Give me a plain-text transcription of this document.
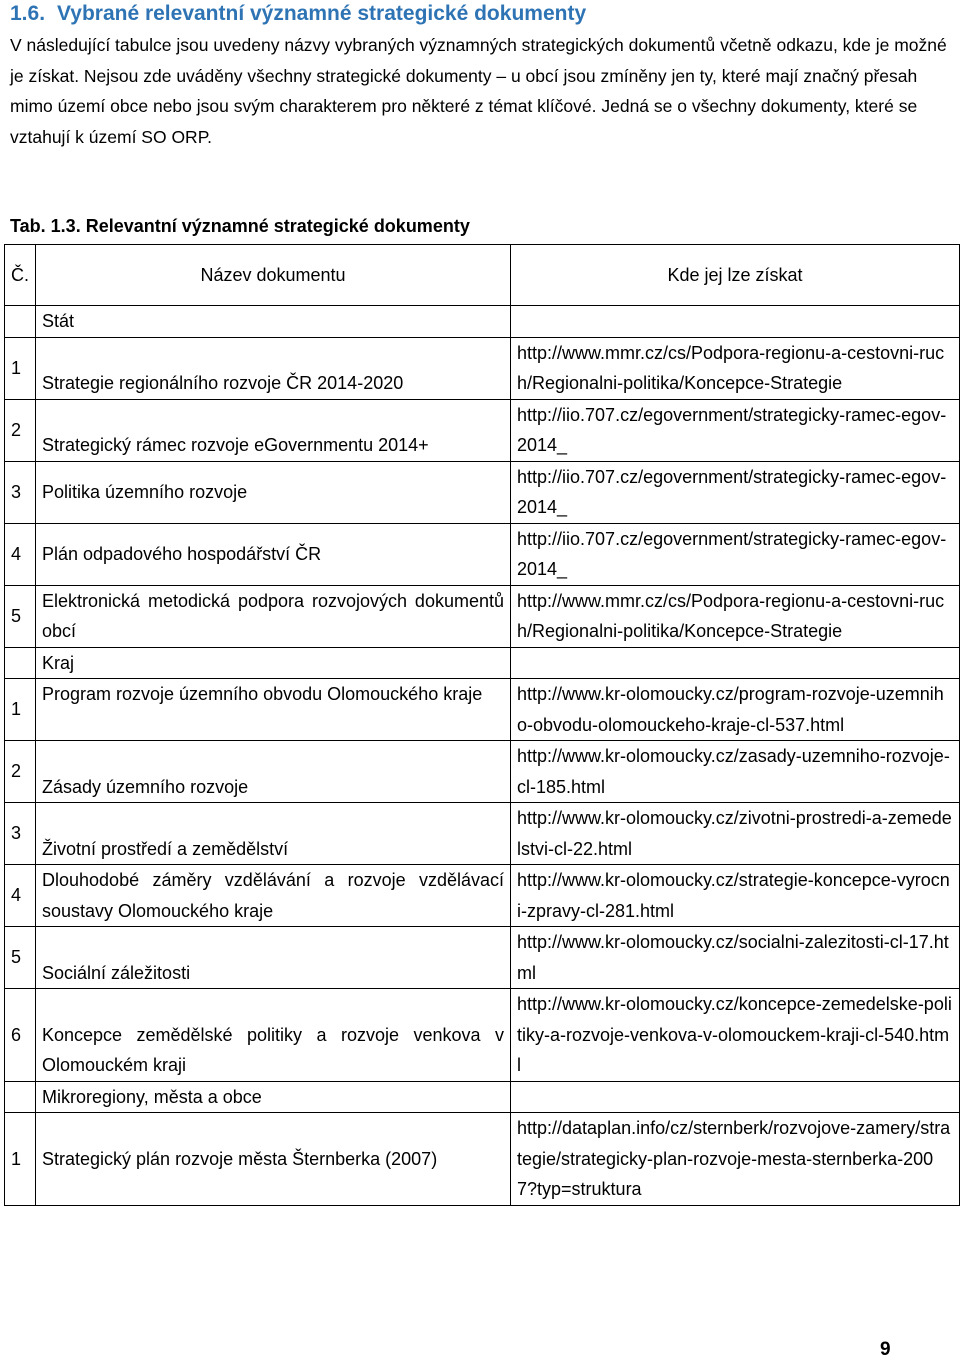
1.6. Vybrané relevantní významné strategické dokumenty
V následující tabulce jsou uvedeny názvy vybraných významných strategických dokumentů včetně odkazu, kde je možné je získat. Nejsou zde uváděny všechny strategické dokumenty – u obcí jsou zmíněny jen ty, které mají značný přesah mimo území obce nebo jsou svým charakterem pro některé z témat klíčové. Jedná se o všechny dokumenty, které se vztahují k území SO ORP.
Tab. 1.3. Relevantní významné strategické dokumenty
Č.	Název dokumentu	Kde jej lze získat
	Stát	
1	Strategie regionálního rozvoje ČR 2014-2020	http://www.mmr.cz/cs/Podpora-regionu-a-cestovni-ruch/Regionalni-politika/Koncepce-Strategie
2	Strategický rámec rozvoje eGovernmentu 2014+	http://iio.707.cz/egovernment/strategicky-ramec-egov-2014_
3	Politika územního rozvoje	http://iio.707.cz/egovernment/strategicky-ramec-egov-2014_
4	Plán odpadového hospodářství ČR	http://iio.707.cz/egovernment/strategicky-ramec-egov-2014_
5	Elektronická metodická podpora rozvojových dokumentů obcí	http://www.mmr.cz/cs/Podpora-regionu-a-cestovni-ruch/Regionalni-politika/Koncepce-Strategie
	Kraj	
1	Program rozvoje územního obvodu Olomouckého kraje	http://www.kr-olomoucky.cz/program-rozvoje-uzemniho-obvodu-olomouckeho-kraje-cl-537.html
2	Zásady územního rozvoje	http://www.kr-olomoucky.cz/zasady-uzemniho-rozvoje-cl-185.html
3	Životní prostředí a zemědělství	http://www.kr-olomoucky.cz/zivotni-prostredi-a-zemedelstvi-cl-22.html
4	Dlouhodobé záměry vzdělávání a rozvoje vzdělávací soustavy Olomouckého kraje	http://www.kr-olomoucky.cz/strategie-koncepce-vyrocni-zpravy-cl-281.html
5	Sociální záležitosti	http://www.kr-olomoucky.cz/socialni-zalezitosti-cl-17.html
6	Koncepce zemědělské politiky a rozvoje venkova v Olomouckém kraji	http://www.kr-olomoucky.cz/koncepce-zemedelske-politiky-a-rozvoje-venkova-v-olomouckem-kraji-cl-540.html
	Mikroregiony, města a obce	
1	Strategický plán rozvoje města Šternberka (2007)	http://dataplan.info/cz/sternberk/rozvojove-zamery/strategie/strategicky-plan-rozvoje-mesta-sternberka-2007?typ=struktura
9
